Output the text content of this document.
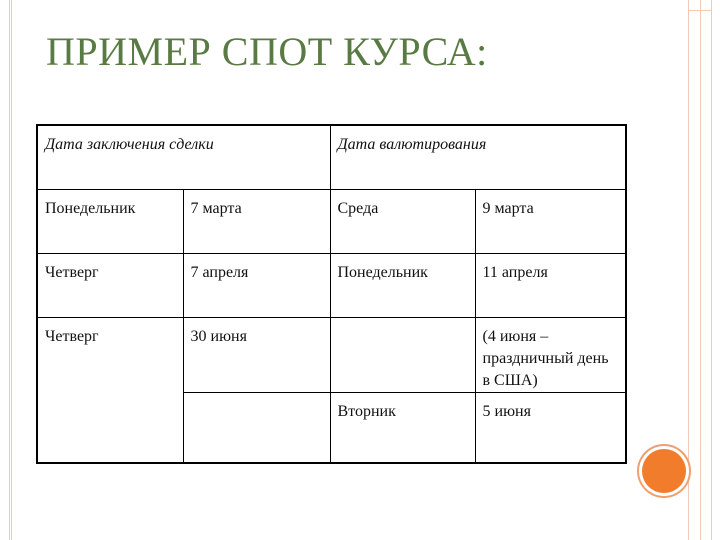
ПРИМЕР СПОТ КУРСА:
Дата заключения сделки		Дата валютирования	
Понедельник	7 марта	Среда	9 марта
Четверг	7 апреля	Понедельник	11 апреля
Четверг	30 июня		(4 июня – праздничный день в США)
		Вторник	5 июня
